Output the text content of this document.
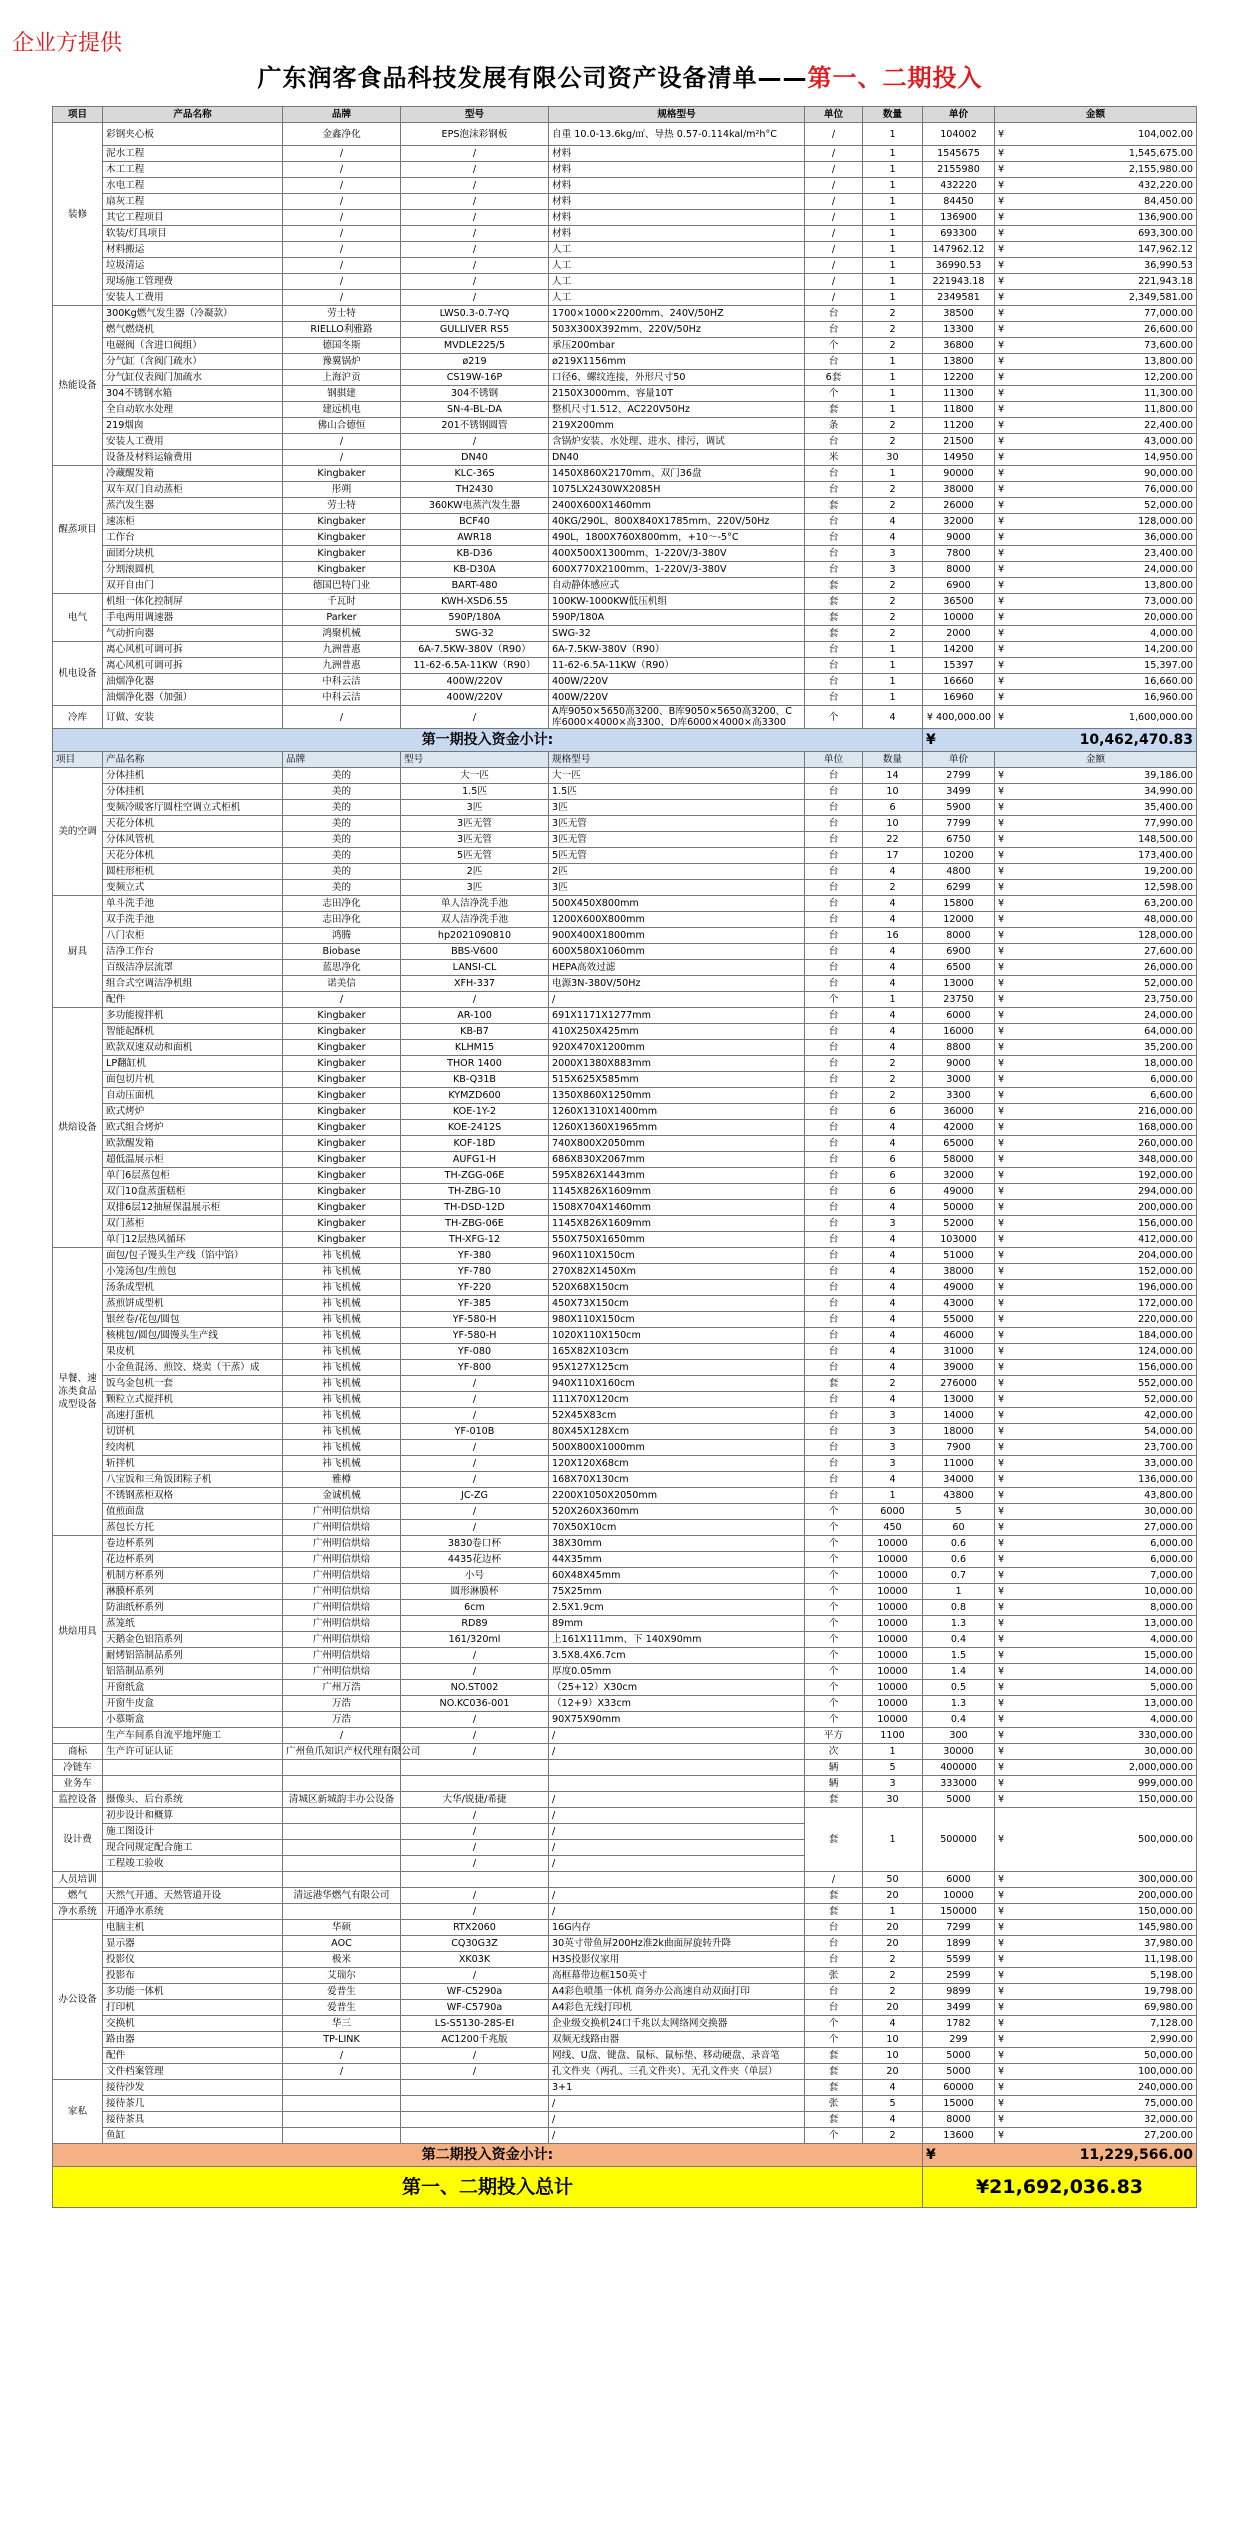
企业方提供
广东润客食品科技发展有限公司资产设备清单——第一、二期投入
项目	产品名称	品牌	型号	规格型号	单位	数量	单价	金额
装修	彩钢夹心板	金鑫净化	EPS泡沫彩钢板	自重 10.0-13.6kg/㎡、导热 0.57-0.114kal/m²h°C	/	1	104002	¥ 104,002.00

	泥水工程	/	/	材料	/	1	1545675	¥ 1,545,675.00

	木工工程	/	/	材料	/	1	2155980	¥ 2,155,980.00

	水电工程	/	/	材料	/	1	432220	¥ 432,220.00

	扇灰工程	/	/	材料	/	1	84450	¥ 84,450.00

	其它工程项目	/	/	材料	/	1	136900	¥ 136,900.00

	软装/灯具项目	/	/	材料	/	1	693300	¥ 693,300.00

	材料搬运	/	/	人工	/	1	147962.12	¥ 147,962.12

	垃圾清运	/	/	人工	/	1	36990.53	¥ 36,990.53

	现场施工管理费	/	/	人工	/	1	221943.18	¥ 221,943.18

	安装人工费用	/	/	人工	/	1	2349581	¥ 2,349,581.00

热能设备	300Kg燃气发生器（冷凝款）	劳士特	LWS0.3-0.7-YQ	1700×1000×2200mm、240V/50HZ	台	2	38500	¥ 77,000.00

	燃气燃烧机	RIELLO利雅路	GULLIVER RS5	503X300X392mm、220V/50Hz	台	2	13300	¥ 26,600.00

	电磁阀（含进口阀组）	德国冬斯	MVDLE225/5	承压200mbar	个	2	36800	¥ 73,600.00

	分气缸（含阀门疏水）	豫翼锅炉	ø219	ø219X1156mm	台	1	13800	¥ 13,800.00

	分气缸仪表阀门加疏水	上海沪贡	CS19W-16P	口径6、螺纹连接，外形尺寸50	6套	1	12200	¥ 12,200.00

	304不锈钢水箱	钢骐建	304不锈钢	2150X3000mm、容量10T	个	1	11300	¥ 11,300.00

	全自动软水处理	建远机电	SN-4-BL-DA	整机尺寸1.512、AC220V50Hz	套	1	11800	¥ 11,800.00

	219烟囱	佛山合德恒	201不锈钢圆管	219X200mm	条	2	11200	¥ 22,400.00

	安装人工费用	/	/	含锅炉安装、水处理、进水、排污，调试	台	2	21500	¥ 43,000.00

	设备及材料运输费用	/	DN40	DN40	米	30	14950	¥ 14,950.00

醒蒸项目	冷藏醒发箱	Kingbaker	KLC-36S	1450X860X2170mm、双门36盘	台	1	90000	¥ 90,000.00

	双车双门自动蒸柜	彤朔	TH2430	1075LX2430WX2085H	台	2	38000	¥ 76,000.00

	蒸汽发生器	劳士特	360KW电蒸汽发生器	2400X600X1460mm	套	2	26000	¥ 52,000.00

	速冻柜	Kingbaker	BCF40	40KG/290L、800X840X1785mm、220V/50Hz	台	4	32000	¥ 128,000.00

	工作台	Kingbaker	AWR18	490L，1800X760X800mm，+10～-5°C	台	4	9000	¥ 36,000.00

	面团分块机	Kingbaker	KB-D36	400X500X1300mm、1-220V/3-380V	台	3	7800	¥ 23,400.00

	分割滚圆机	Kingbaker	KB-D30A	600X770X2100mm、1-220V/3-380V	台	3	8000	¥ 24,000.00

	双开自由门	德国巴特门业	BART-480	自动静体感应式	套	2	6900	¥ 13,800.00

电气	机组一体化控制屏	千瓦时	KWH-XSD6.55	100KW-1000KW低压机组	套	2	36500	¥ 73,000.00

	手电两用调速器	Parker	590P/180A	590P/180A	套	2	10000	¥ 20,000.00

	气动折向器	鸿聚机械	SWG-32	SWG-32	套	2	2000	¥ 4,000.00

机电设备	离心风机可调可拆	九洲普惠	6A-7.5KW-380V（R90）	6A-7.5KW-380V（R90）	台	1	14200	¥ 14,200.00

	离心风机可调可拆	九洲普惠	11-62-6.5A-11KW（R90）	11-62-6.5A-11KW（R90）	台	1	15397	¥ 15,397.00

	油烟净化器	中科云洁	400W/220V	400W/220V	台	1	16660	¥ 16,660.00

	油烟净化器（加强）	中科云洁	400W/220V	400W/220V	台	1	16960	¥ 16,960.00

冷库	订做、安装	/	/	A库9050×5650高3200、B库9050×5650高3200、C库6000×4000×高3300、D库6000×4000×高3300	个	4	¥ 400,000.00	¥ 1,600,000.00

第一期投入资金小计:							¥ 10,462,470.83	

项目	产品名称	品牌	型号	规格型号	单位	数量	单价	金额
美的空调	分体挂机	美的	大一匹	大一匹	台	14	2799	¥ 39,186.00

	分体挂机	美的	1.5匹	1.5匹	台	10	3499	¥ 34,990.00

	变频冷暖客厅圆柱空调立式柜机	美的	3匹	3匹	台	6	5900	¥ 35,400.00

	天花分体机	美的	3匹无管	3匹无管	台	10	7799	¥ 77,990.00

	分体风管机	美的	3匹无管	3匹无管	台	22	6750	¥ 148,500.00

	天花分体机	美的	5匹无管	5匹无管	台	17	10200	¥ 173,400.00

	圆柱形柜机	美的	2匹	2匹	台	4	4800	¥ 19,200.00

	变频立式	美的	3匹	3匹	台	2	6299	¥ 12,598.00

厨具	单斗洗手池	志田净化	单人洁净洗手池	500X450X800mm	台	4	15800	¥ 63,200.00

	双手洗手池	志田净化	双人洁净洗手池	1200X600X800mm	台	4	12000	¥ 48,000.00

	八门农柜	鸿腾	hp2021090810	900X400X1800mm	台	16	8000	¥ 128,000.00

	洁净工作台	Biobase	BBS-V600	600X580X1060mm	台	4	6900	¥ 27,600.00

	百级洁净层流罩	蓝思净化	LANSI-CL	HEPA高效过滤	台	4	6500	¥ 26,000.00

	组合式空调洁净机组	诺美信	XFH-337	电源3N-380V/50Hz	台	4	13000	¥ 52,000.00

	配件	/	/	/	个	1	23750	¥ 23,750.00

烘焙设备	多功能搅拌机	Kingbaker	AR-100	691X1171X1277mm	台	4	6000	¥ 24,000.00

	智能起酥机	Kingbaker	KB-B7	410X250X425mm	台	4	16000	¥ 64,000.00

	欧款双速双动和面机	Kingbaker	KLHM15	920X470X1200mm	台	4	8800	¥ 35,200.00

	LP翻缸机	Kingbaker	THOR 1400	2000X1380X883mm	台	2	9000	¥ 18,000.00

	面包切片机	Kingbaker	KB-Q31B	515X625X585mm	台	2	3000	¥ 6,000.00

	自动压面机	Kingbaker	KYMZD600	1350X860X1250mm	台	2	3300	¥ 6,600.00

	欧式烤炉	Kingbaker	KOE-1Y-2	1260X1310X1400mm	台	6	36000	¥ 216,000.00

	欧式组合烤炉	Kingbaker	KOE-2412S	1260X1360X1965mm	台	4	42000	¥ 168,000.00

	欧款醒发箱	Kingbaker	KOF-18D	740X800X2050mm	台	4	65000	¥ 260,000.00

	超低温展示柜	Kingbaker	AUFG1-H	686X830X2067mm	台	6	58000	¥ 348,000.00

	单门6层蒸包柜	Kingbaker	TH-ZGG-06E	595X826X1443mm	台	6	32000	¥ 192,000.00

	双门10盘蒸蛋糕柜	Kingbaker	TH-ZBG-10	1145X826X1609mm	台	6	49000	¥ 294,000.00

	双排6层12抽屉保温展示柜	Kingbaker	TH-DSD-12D	1508X704X1460mm	台	4	50000	¥ 200,000.00

	双门蒸柜	Kingbaker	TH-ZBG-06E	1145X826X1609mm	台	3	52000	¥ 156,000.00

	单门12层热风循环	Kingbaker	TH-XFG-12	550X750X1650mm	台	4	103000	¥ 412,000.00

早餐、速冻类食品成型设备	面包/包子馒头生产线（馅中馅）	祎飞机械	YF-380	960X110X150cm	台	4	51000	¥ 204,000.00

	小笼汤包/生煎包	祎飞机械	YF-780	270X82X1450Xm	台	4	38000	¥ 152,000.00

	汤条成型机	祎飞机械	YF-220	520X68X150cm	台	4	49000	¥ 196,000.00

	蒸煎饼成型机	祎飞机械	YF-385	450X73X150cm	台	4	43000	¥ 172,000.00

	银丝卷/花包/圆包	祎飞机械	YF-580-H	980X110X150cm	台	4	55000	¥ 220,000.00

	核桃包/圆包/圆馒头生产线	祎飞机械	YF-580-H	1020X110X150cm	台	4	46000	¥ 184,000.00

	果皮机	祎飞机械	YF-080	165X82X103cm	台	4	31000	¥ 124,000.00

	小金鱼混汤、煎饺、烧卖（干蒸）成	祎飞机械	YF-800	95X127X125cm	台	4	39000	¥ 156,000.00

	饭乌金包机一套	祎飞机械	/	940X110X160cm	套	2	276000	¥ 552,000.00

	颗粒立式搅拌机	祎飞机械	/	111X70X120cm	台	4	13000	¥ 52,000.00

	高速打蛋机	祎飞机械	/	52X45X83cm	台	3	14000	¥ 42,000.00

	切饼机	祎飞机械	YF-010B	80X45X128Xcm	台	3	18000	¥ 54,000.00

	绞肉机	祎飞机械	/	500X800X1000mm	台	3	7900	¥ 23,700.00

	斩拌机	祎飞机械	/	120X120X68cm	台	3	11000	¥ 33,000.00

	八宝饭和三角饭团粽子机	雅樽	/	168X70X130cm	台	4	34000	¥ 136,000.00

	不锈钢蒸柜双格	金诚机械	JC-ZG	2200X1050X2050mm	台	1	43800	¥ 43,800.00

	值煎面盘	广州明信烘焙	/	520X260X360mm	个	6000	5	¥ 30,000.00

	蒸包长方托	广州明信烘焙	/	70X50X10cm	个	450	60	¥ 27,000.00

烘焙用具	卷边杯系列	广州明信烘焙	3830卷口杯	38X30mm	个	10000	0.6	¥ 6,000.00

	花边杯系列	广州明信烘焙	4435花边杯	44X35mm	个	10000	0.6	¥ 6,000.00

	机制方杯系列	广州明信烘焙	小号	60X48X45mm	个	10000	0.7	¥ 7,000.00

	淋膜杯系列	广州明信烘焙	圆形淋膜杯	75X25mm	个	10000	1	¥ 10,000.00

	防油纸杯系列	广州明信烘焙	6cm	2.5X1.9cm	个	10000	0.8	¥ 8,000.00

	蒸笼纸	广州明信烘焙	RD89	89mm	个	10000	1.3	¥ 13,000.00

	天鹅金色铝箔系列	广州明信烘焙	161/320ml	上161X111mm、下 140X90mm	个	10000	0.4	¥ 4,000.00

	耐烤铝箔制品系列	广州明信烘焙	/	3.5X8.4X6.7cm	个	10000	1.5	¥ 15,000.00

	铝箔制品系列	广州明信烘焙	/	厚度0.05mm	个	10000	1.4	¥ 14,000.00

	开窗纸盒	广州万浩	NO.ST002	（25+12）X30cm	个	10000	0.5	¥ 5,000.00

	开窗牛皮盒	万浩	NO.KC036-001	（12+9）X33cm	个	10000	1.3	¥ 13,000.00

	小慕斯盒	万浩	/	90X75X90mm	个	10000	0.4	¥ 4,000.00

	生产车间系自流平地坪施工	/	/	/	平方	1100	300	¥ 330,000.00

商标	生产许可证认证	广州鱼爪知识产权代理有限公司	/	/	次	1	30000	¥ 30,000.00

冷链车					辆	5	400000	¥ 2,000,000.00

业务车					辆	3	333000	¥ 999,000.00

监控设备	摄像头、后台系统	清城区新城韵丰办公设备	大华/锐捷/希捷	/	套	30	5000	¥ 150,000.00

设计费	初步设计和概算		/	/	套	1	500000	¥ 500,000.00

	施工图设计		/	/				
	现合同规定配合施工		/	/				
	工程竣工验收		/	/				
人员培训					/	50	6000	¥ 300,000.00

燃气	天然气开通、天然管道开设	清远港华燃气有限公司	/	/	套	20	10000	¥ 200,000.00

净水系统	开通净水系统		/	/	套	1	150000	¥ 150,000.00

办公设备	电脑主机	华硕	RTX2060	16G内存	台	20	7299	¥ 145,980.00

	显示器	AOC	CQ30G3Z	30英寸带鱼屏200Hz准2k曲面屏旋转升降	台	20	1899	¥ 37,980.00

	投影仪	极米	XK03K	H3S投影仪家用	台	2	5599	¥ 11,198.00

	投影布	艾瑞尔	/	高框幕带边框150英寸	张	2	2599	¥ 5,198.00

	多功能一体机	爱普生	WF-C5290a	A4彩色喷墨一体机 商务办公高速自动双面打印	台	2	9899	¥ 19,798.00

	打印机	爱普生	WF-C5790a	A4彩色无线打印机	台	20	3499	¥ 69,980.00

	交换机	华三	LS-S5130-28S-EI	企业级交换机24口千兆以太网络网交换器	个	4	1782	¥ 7,128.00

	路由器	TP-LINK	AC1200千兆版	双频无线路由器	个	10	299	¥ 2,990.00

	配件	/	/	网线、U盘、键盘、鼠标、鼠标垫、移动硬盘、录音笔	套	10	5000	¥ 50,000.00

	文件档案管理	/	/	孔文件夹（两孔、三孔文件夹）、无孔文件夹（单层）	套	20	5000	¥ 100,000.00

家私	接待沙发			3+1	套	4	60000	¥ 240,000.00

	接待茶几			/	张	5	15000	¥ 75,000.00

	接待茶具			/	套	4	8000	¥ 32,000.00

	鱼缸			/	个	2	13600	¥ 27,200.00

第二期投入资金小计:							¥ 11,229,566.00	

第一、二期投入总计							¥21,692,036.83	
